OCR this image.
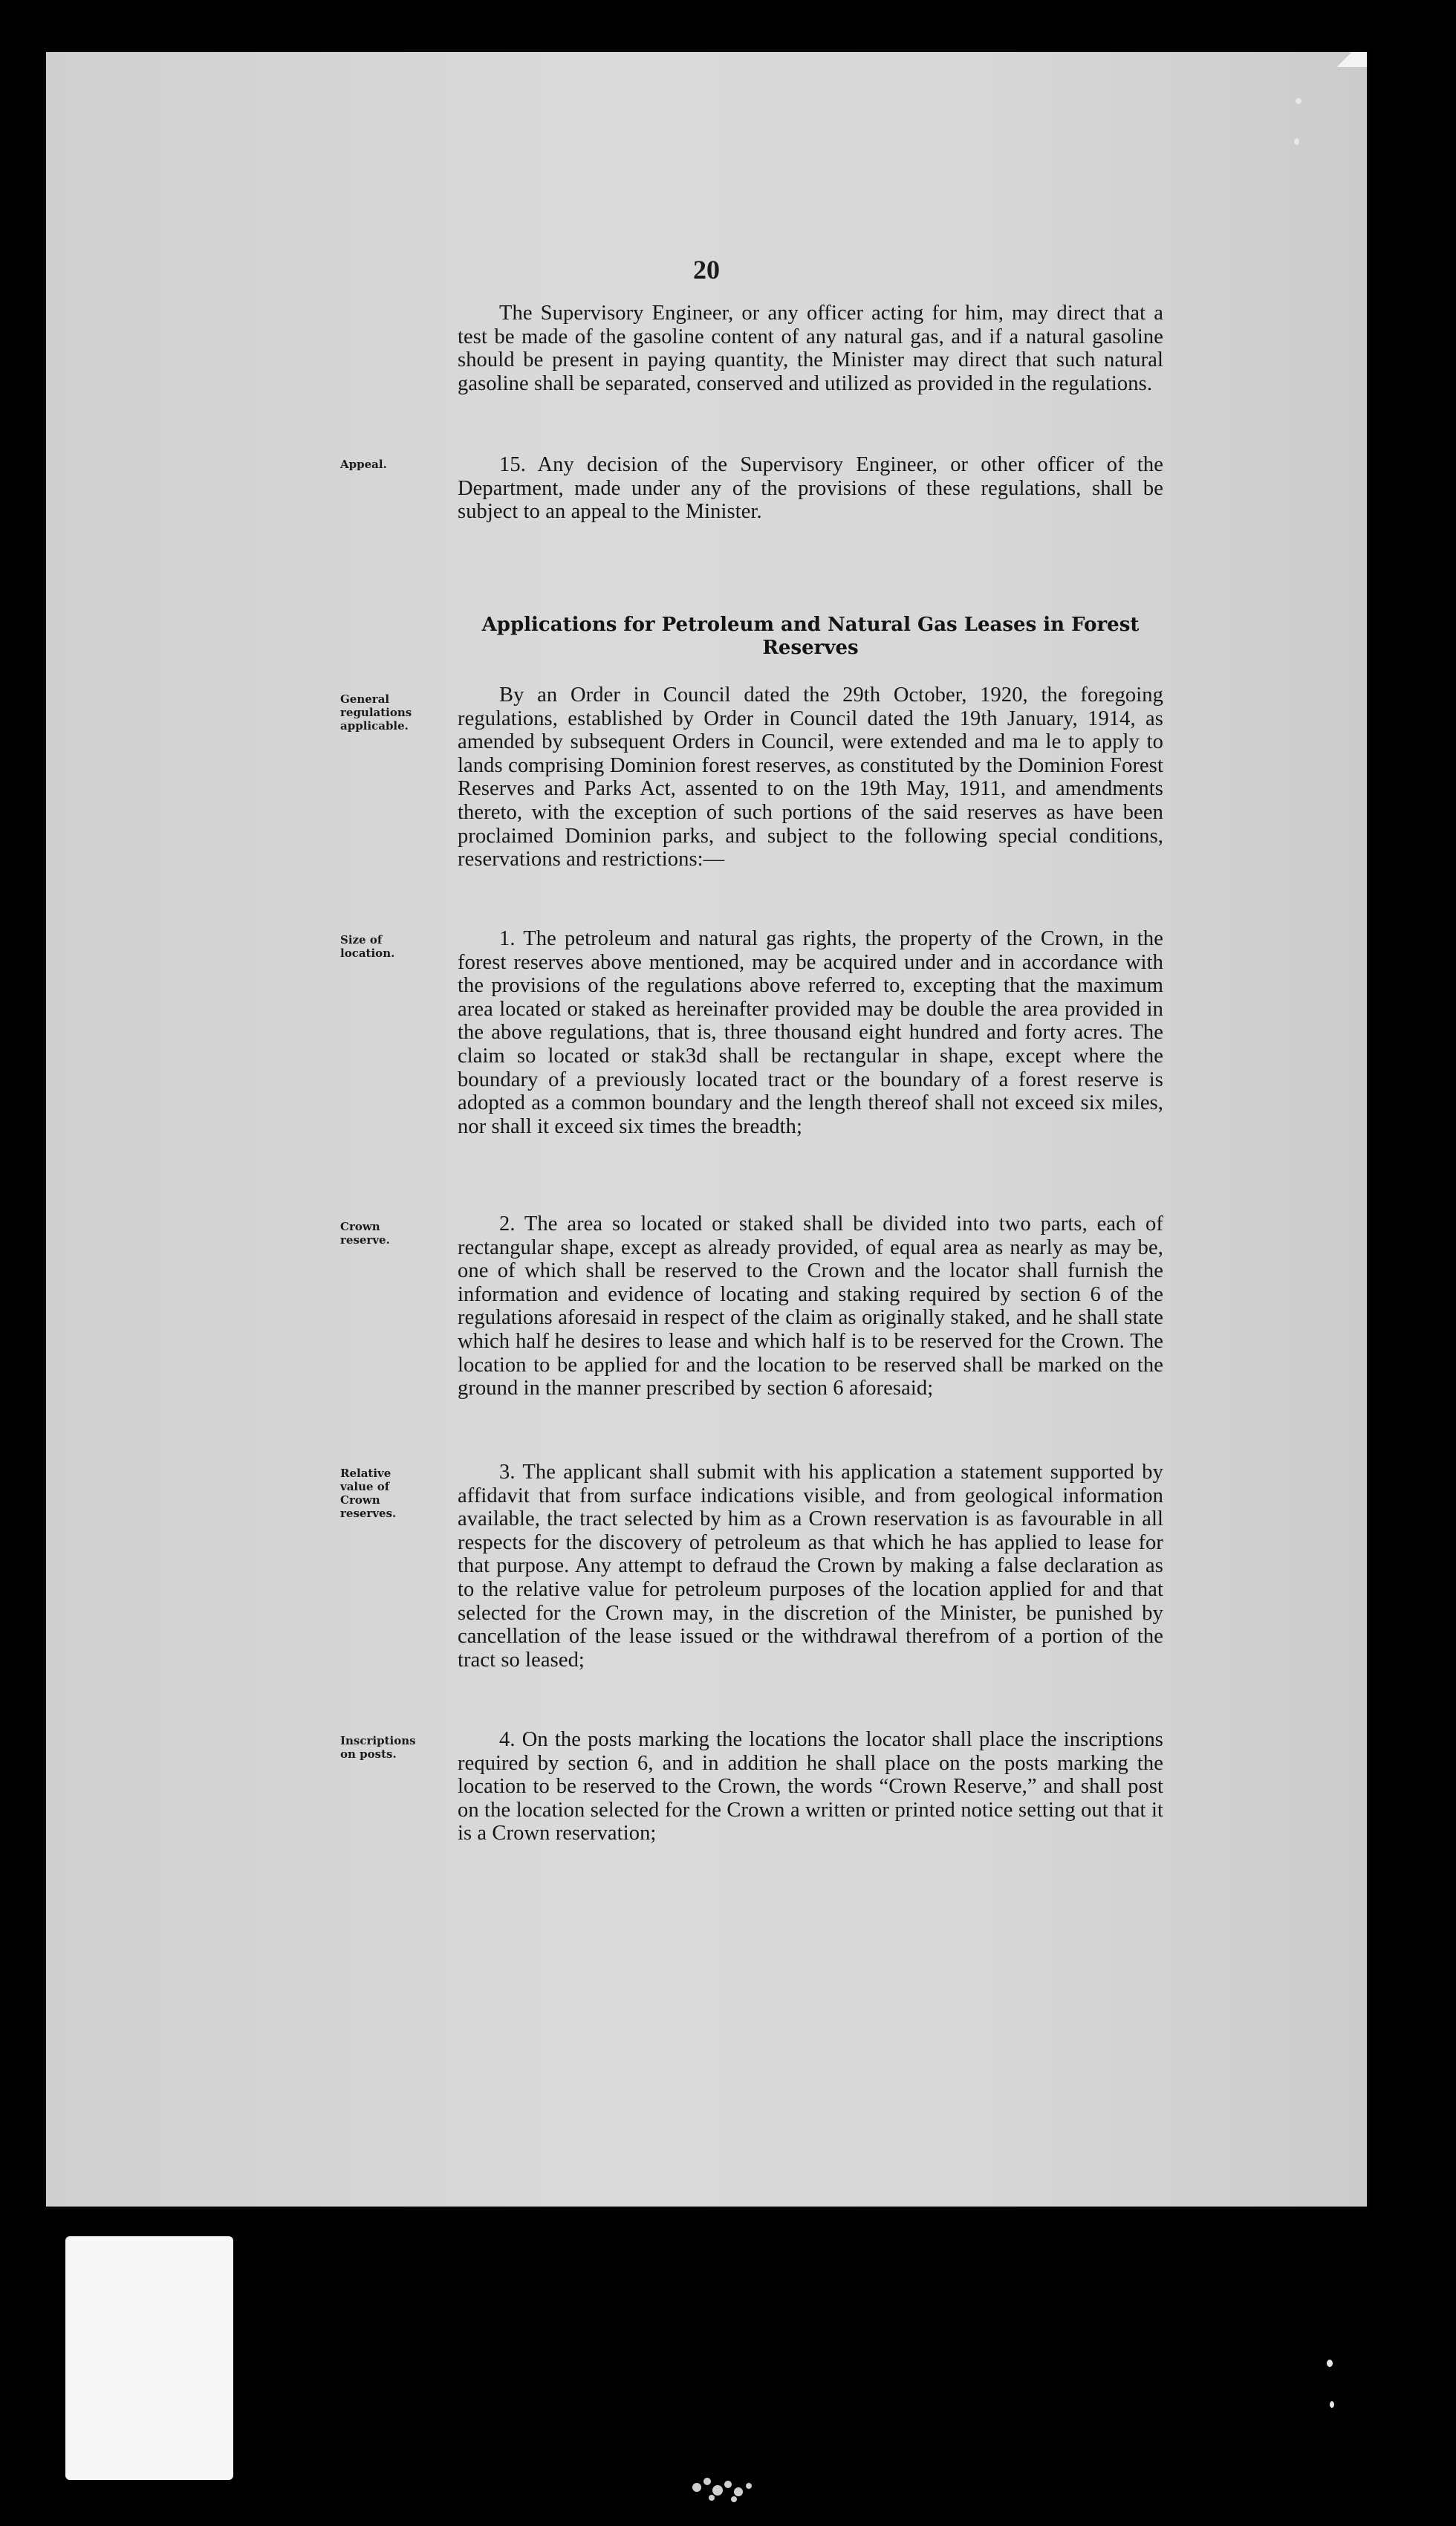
20

The Supervisory Engineer, or any officer acting for him, may direct that a test be made of the gasoline content of any natural gas, and if a natural gasoline should be present in paying quantity, the Minister may direct that such natural gasoline shall be separated, conserved and utilized as provided in the regulations.

Appeal.	15. Any decision of the Supervisory Engineer, or other officer of the Department, made under any of the provisions of these regulations, shall be subject to an appeal to the Minister.

Applications for Petroleum and Natural Gas Leases in Forest Reserves
General
regulations
applicable.

By an Order in Council dated the 29th October, 1920, the foregoing regulations, established by Order in Council dated the 19th January, 1914, as amended by subsequent Orders in Council, were extended and ma le to apply to lands comprising Dominion forest reserves, as constituted by the Dominion Forest Reserves and Parks Act, assented to on the 19th May, 1911, and amendments thereto, with the exception of such portions of the said reserves as have been proclaimed Dominion parks, and subject to the following special conditions, reservations and restrictions:—

Size of
location.

1. The petroleum and natural gas rights, the property of the Crown, in the forest reserves above mentioned, may be acquired under and in accordance with the provisions of the regulations above referred to, excepting that the maximum area located or staked as hereinafter provided may be double the area provided in the above regulations, that is, three thousand eight hundred and forty acres. The claim so located or stak3d shall be rectangular in shape, except where the boundary of a previously located tract or the boundary of a forest reserve is adopted as a common boundary and the length thereof shall not exceed six miles, nor shall it exceed six times the breadth;

Crown
reserve.

2. The area so located or staked shall be divided into two parts, each of rectangular shape, except as already provided, of equal area as nearly as may be, one of which shall be reserved to the Crown and the locator shall furnish the information and evidence of locating and staking required by section 6 of the regulations aforesaid in respect of the claim as originally staked, and he shall state which half he desires to lease and which half is to be reserved for the Crown. The location to be applied for and the location to be reserved shall be marked on the ground in the manner prescribed by section 6 aforesaid;

Relative
value of
Crown
reserves.

3. The applicant shall submit with his application a statement supported by affidavit that from surface indications visible, and from geological information available, the tract selected by him as a Crown reservation is as favourable in all respects for the discovery of petroleum as that which he has applied to lease for that purpose. Any attempt to defraud the Crown by making a false declaration as to the relative value for petroleum purposes of the location applied for and that selected for the Crown may, in the discretion of the Minister, be punished by cancellation of the lease issued or the withdrawal therefrom of a portion of the tract so leased;

Inscriptions
on posts.

4. On the posts marking the locations the locator shall place the inscriptions required by section 6, and in addition he shall place on the posts marking the location to be reserved to the Crown, the words “Crown Reserve,” and shall post on the location selected for the Crown a written or printed notice setting out that it is a Crown reservation;
